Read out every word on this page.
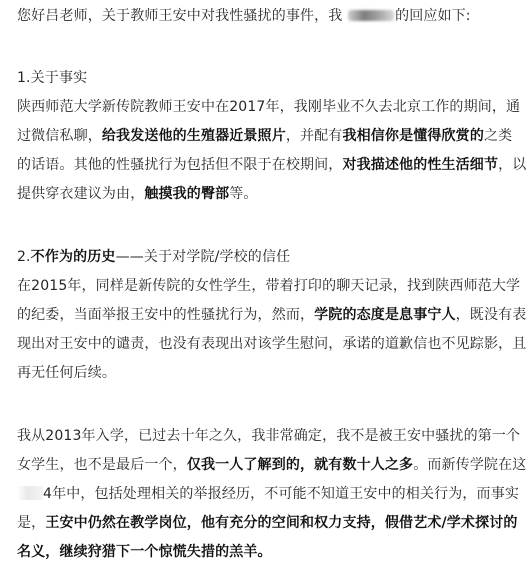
您好吕老师，关于教师王安中对我性骚扰的事件，我	的回应如下:
1.关于事实
陕西师范大学新传院教师王安中在2017年，我刚毕业不久去北京工作的期间，通
过微信私聊，给我发送他的生殖器近景照片，并配有我相信你是懂得欣赏的之类
的话语。其他的性骚扰行为包括但不限于在校期间，对我描述他的性生活细节，以
提供穿衣建议为由，触摸我的臀部等。
2.不作为的历史——关于对学院/学校的信任
在2015年，同样是新传院的女性学生，带着打印的聊天记录，找到陕西师范大学
的纪委，当面举报王安中的性骚扰行为，然而，学院的态度是息事宁人，既没有表
现出对王安中的谴责，也没有表现出对该学生慰问，承诺的道歉信也不见踪影，且
再无任何后续。
我从2013年入学，已过去十年之久，我非常确定，我不是被王安中骚扰的第一个
女学生，也不是最后一个，仅我一人了解到的，就有数十人之多。而新传学院在这
4年中，包括处理相关的举报经历，不可能不知道王安中的相关行为，而事实
是，王安中仍然在教学岗位，他有充分的空间和权力支持，假借艺术/学术探讨的
名义，继续狩猎下一个惊慌失措的羔羊。
